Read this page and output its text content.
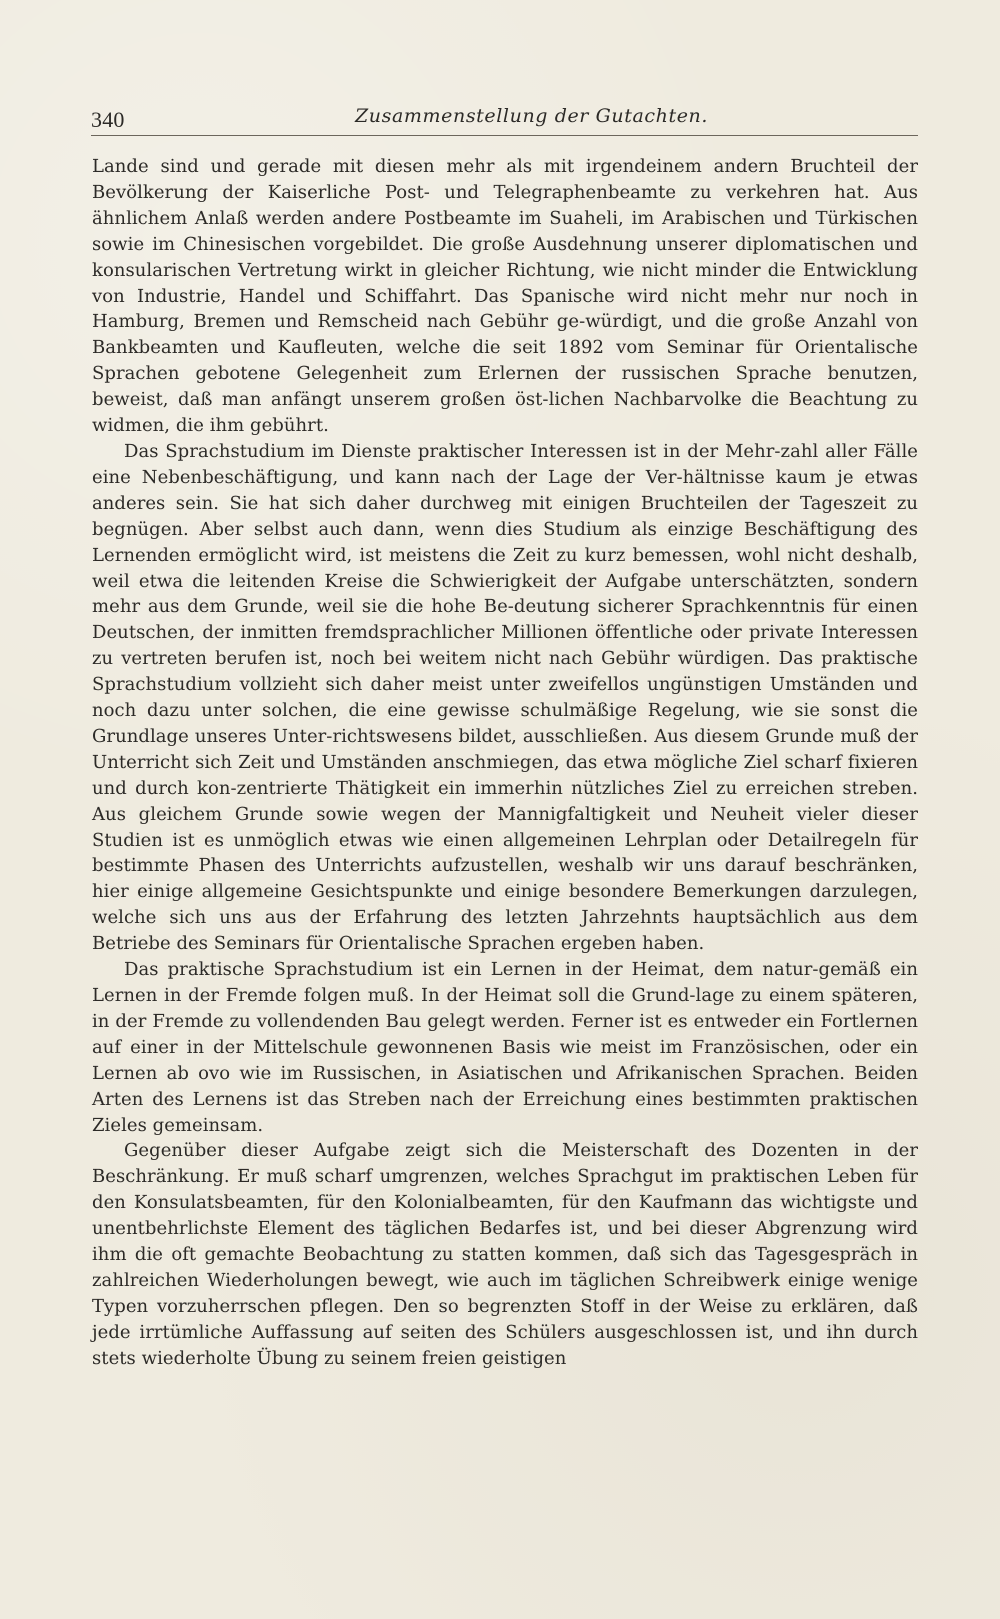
340	Zusammenstellung der Gutachten.

Lande sind und gerade mit diesen mehr als mit irgendeinem andern Bruchteil der Bevölkerung der Kaiserliche Post- und Telegraphenbeamte zu verkehren hat. Aus ähnlichem Anlaß werden andere Postbeamte im Suaheli, im Arabischen und Türkischen sowie im Chinesischen vorgebildet. Die große Ausdehnung unserer diplomatischen und konsularischen Vertretung wirkt in gleicher Richtung, wie nicht minder die Entwicklung von Industrie, Handel und Schiffahrt. Das Spanische wird nicht mehr nur noch in Hamburg, Bremen und Remscheid nach Gebühr ge-würdigt, und die große Anzahl von Bankbeamten und Kaufleuten, welche die seit 1892 vom Seminar für Orientalische Sprachen gebotene Gelegenheit zum Erlernen der russischen Sprache benutzen, beweist, daß man anfängt unserem großen öst-lichen Nachbarvolke die Beachtung zu widmen, die ihm gebührt.

Das Sprachstudium im Dienste praktischer Interessen ist in der Mehr-zahl aller Fälle eine Nebenbeschäftigung, und kann nach der Lage der Ver-hältnisse kaum je etwas anderes sein. Sie hat sich daher durchweg mit einigen Bruchteilen der Tageszeit zu begnügen. Aber selbst auch dann, wenn dies Studium als einzige Beschäftigung des Lernenden ermöglicht wird, ist meistens die Zeit zu kurz bemessen, wohl nicht deshalb, weil etwa die leitenden Kreise die Schwierigkeit der Aufgabe unterschätzten, sondern mehr aus dem Grunde, weil sie die hohe Be-deutung sicherer Sprachkenntnis für einen Deutschen, der inmitten fremdsprachlicher Millionen öffentliche oder private Interessen zu vertreten berufen ist, noch bei weitem nicht nach Gebühr würdigen. Das praktische Sprachstudium vollzieht sich daher meist unter zweifellos ungünstigen Umständen und noch dazu unter solchen, die eine gewisse schulmäßige Regelung, wie sie sonst die Grundlage unseres Unter-richtswesens bildet, ausschließen. Aus diesem Grunde muß der Unterricht sich Zeit und Umständen anschmiegen, das etwa mögliche Ziel scharf fixieren und durch kon-zentrierte Thätigkeit ein immerhin nützliches Ziel zu erreichen streben. Aus gleichem Grunde sowie wegen der Mannigfaltigkeit und Neuheit vieler dieser Studien ist es unmöglich etwas wie einen allgemeinen Lehrplan oder Detailregeln für bestimmte Phasen des Unterrichts aufzustellen, weshalb wir uns darauf beschränken, hier einige allgemeine Gesichtspunkte und einige besondere Bemerkungen darzulegen, welche sich uns aus der Erfahrung des letzten Jahrzehnts hauptsächlich aus dem Betriebe des Seminars für Orientalische Sprachen ergeben haben.

Das praktische Sprachstudium ist ein Lernen in der Heimat, dem natur-gemäß ein Lernen in der Fremde folgen muß. In der Heimat soll die Grund-lage zu einem späteren, in der Fremde zu vollendenden Bau gelegt werden. Ferner ist es entweder ein Fortlernen auf einer in der Mittelschule gewonnenen Basis wie meist im Französischen, oder ein Lernen ab ovo wie im Russischen, in Asiatischen und Afrikanischen Sprachen. Beiden Arten des Lernens ist das Streben nach der Erreichung eines bestimmten praktischen Zieles gemeinsam.

Gegenüber dieser Aufgabe zeigt sich die Meisterschaft des Dozenten in der Beschränkung. Er muß scharf umgrenzen, welches Sprachgut im praktischen Leben für den Konsulatsbeamten, für den Kolonialbeamten, für den Kaufmann das wichtigste und unentbehrlichste Element des täglichen Bedarfes ist, und bei dieser Abgrenzung wird ihm die oft gemachte Beobachtung zu statten kommen, daß sich das Tagesgespräch in zahlreichen Wiederholungen bewegt, wie auch im täglichen Schreibwerk einige wenige Typen vorzuherrschen pflegen. Den so begrenzten Stoff in der Weise zu erklären, daß jede irrtümliche Auffassung auf seiten des Schülers ausgeschlossen ist, und ihn durch stets wiederholte Übung zu seinem freien geistigen
